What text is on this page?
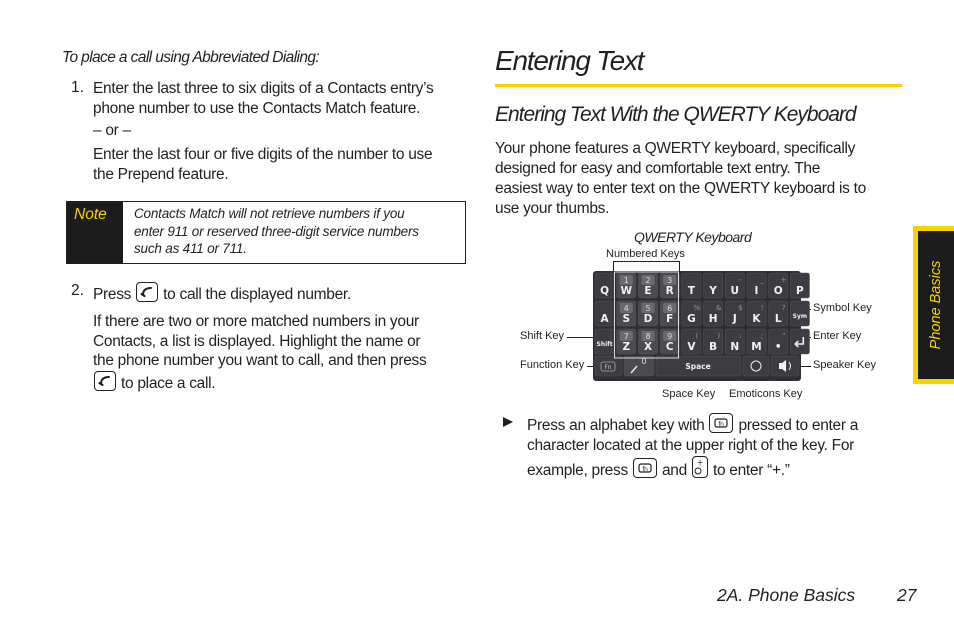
To place a call using Abbreviated Dialing:
1. Enter the last three to six digits of a Contacts entry’s
phone number to use the Contacts Match feature.
– or –
Enter the last four or five digits of the number to use
the Prepend feature.
Note Contacts Match will not retrieve numbers if you
enter 911 or reserved three-digit service numbers
such as 411 or 711.
2. Press to call the displayed number.
If there are two or more matched numbers in your
Contacts, a list is displayed. Highlight the name or
the phone number you want to call, and then press
to place a call.
Entering Text
Entering Text With the QWERTY Keyboard
Your phone features a QWERTY keyboard, specifically
designed for easy and comfortable text entry. The
easiest way to enter text on the QWERTY keyboard is to
use your thumbs.
QWERTY Keyboard
Numbered Keys
Shift Key
Function Key
Symbol Key
Enter Key
Speaker Key
Space Key Emoticons Key
Q
1
W
2
E
3
R T Y
-
U
_
I
+
O P
A
4
S
5
D
6
F
%
G
&
H
$
J
!
K
?
L Sym
Shift
7
Z
8
X
9
C
(
V
)
B
:
N
;
M
"
•
Fn
0
Space
Press an alphabet key with fn pressed to enter a
character located at the upper right of the key. For
example, press fn and + to enter “+.”
Phone Basics
2A. Phone Basics 27
